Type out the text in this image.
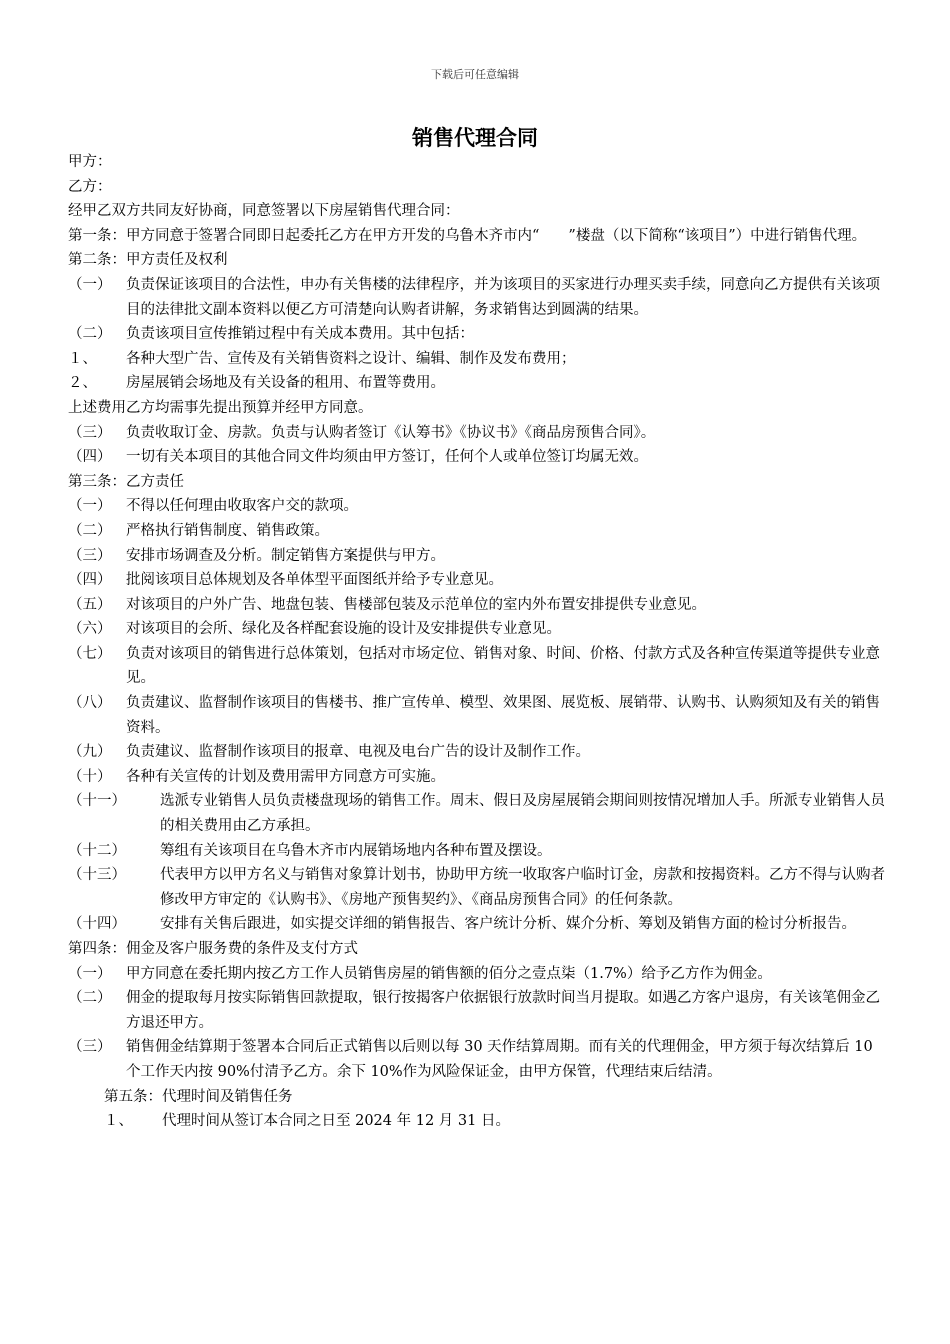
下载后可任意编辑
销售代理合同
甲方：
乙方：
经甲乙双方共同友好协商，同意签署以下房屋销售代理合同：
第一条：甲方同意于签署合同即日起委托乙方在甲方开发的乌鲁木齐市内“　　”楼盘（以下简称“该项目”）中进行销售代理。
第二条：甲方责任及权利
（一）	负责保证该项目的合法性，申办有关售楼的法律程序，并为该项目的买家进行办理买卖手续，同意向乙方提供有关该项目的法律批文副本资料以便乙方可清楚向认购者讲解，务求销售达到圆满的结果。
（二）	负责该项目宣传推销过程中有关成本费用。其中包括：
１、	各种大型广告、宣传及有关销售资料之设计、编辑、制作及发布费用；
２、	房屋展销会场地及有关设备的租用、布置等费用。
上述费用乙方均需事先提出预算并经甲方同意。
（三）	负责收取订金、房款。负责与认购者签订《认筹书》《协议书》《商品房预售合同》。
（四）	一切有关本项目的其他合同文件均须由甲方签订，任何个人或单位签订均属无效。
第三条：乙方责任
（一）	不得以任何理由收取客户交的款项。
（二）	严格执行销售制度、销售政策。
（三）	安排市场调查及分析。制定销售方案提供与甲方。
（四）	批阅该项目总体规划及各单体型平面图纸并给予专业意见。
（五）	对该项目的户外广告、地盘包装、售楼部包装及示范单位的室内外布置安排提供专业意见。
（六）	对该项目的会所、绿化及各样配套设施的设计及安排提供专业意见。
（七）	负责对该项目的销售进行总体策划，包括对市场定位、销售对象、时间、价格、付款方式及各种宣传渠道等提供专业意见。
（八）	负责建议、监督制作该项目的售楼书、推广宣传单、模型、效果图、展览板、展销带、认购书、认购须知及有关的销售资料。
（九）	负责建议、监督制作该项目的报章、电视及电台广告的设计及制作工作。
（十）	各种有关宣传的计划及费用需甲方同意方可实施。
（十一）	选派专业销售人员负责楼盘现场的销售工作。周末、假日及房屋展销会期间则按情况增加人手。所派专业销售人员的相关费用由乙方承担。
（十二）	筹组有关该项目在乌鲁木齐市内展销场地内各种布置及摆设。
（十三）	代表甲方以甲方名义与销售对象算计划书，协助甲方统一收取客户临时订金，房款和按揭资料。乙方不得与认购者修改甲方审定的《认购书》、《房地产预售契约》、《商品房预售合同》的任何条款。
（十四）	安排有关售后跟进，如实提交详细的销售报告、客户统计分析、媒介分析、筹划及销售方面的检讨分析报告。
第四条：佣金及客户服务费的条件及支付方式
（一）	甲方同意在委托期内按乙方工作人员销售房屋的销售额的佰分之壹点柒（1.7%）给予乙方作为佣金。
（二）	佣金的提取每月按实际销售回款提取，银行按揭客户依据银行放款时间当月提取。如遇乙方客户退房，有关该笔佣金乙方退还甲方。
（三）	销售佣金结算期于签署本合同后正式销售以后则以每 30 天作结算周期。而有关的代理佣金，甲方须于每次结算后 10 个工作天内按 90%付清予乙方。余下 10%作为风险保证金，由甲方保管，代理结束后结清。
第五条：代理时间及销售任务
１、	代理时间从签订本合同之日至 2024 年 12 月 31 日。
